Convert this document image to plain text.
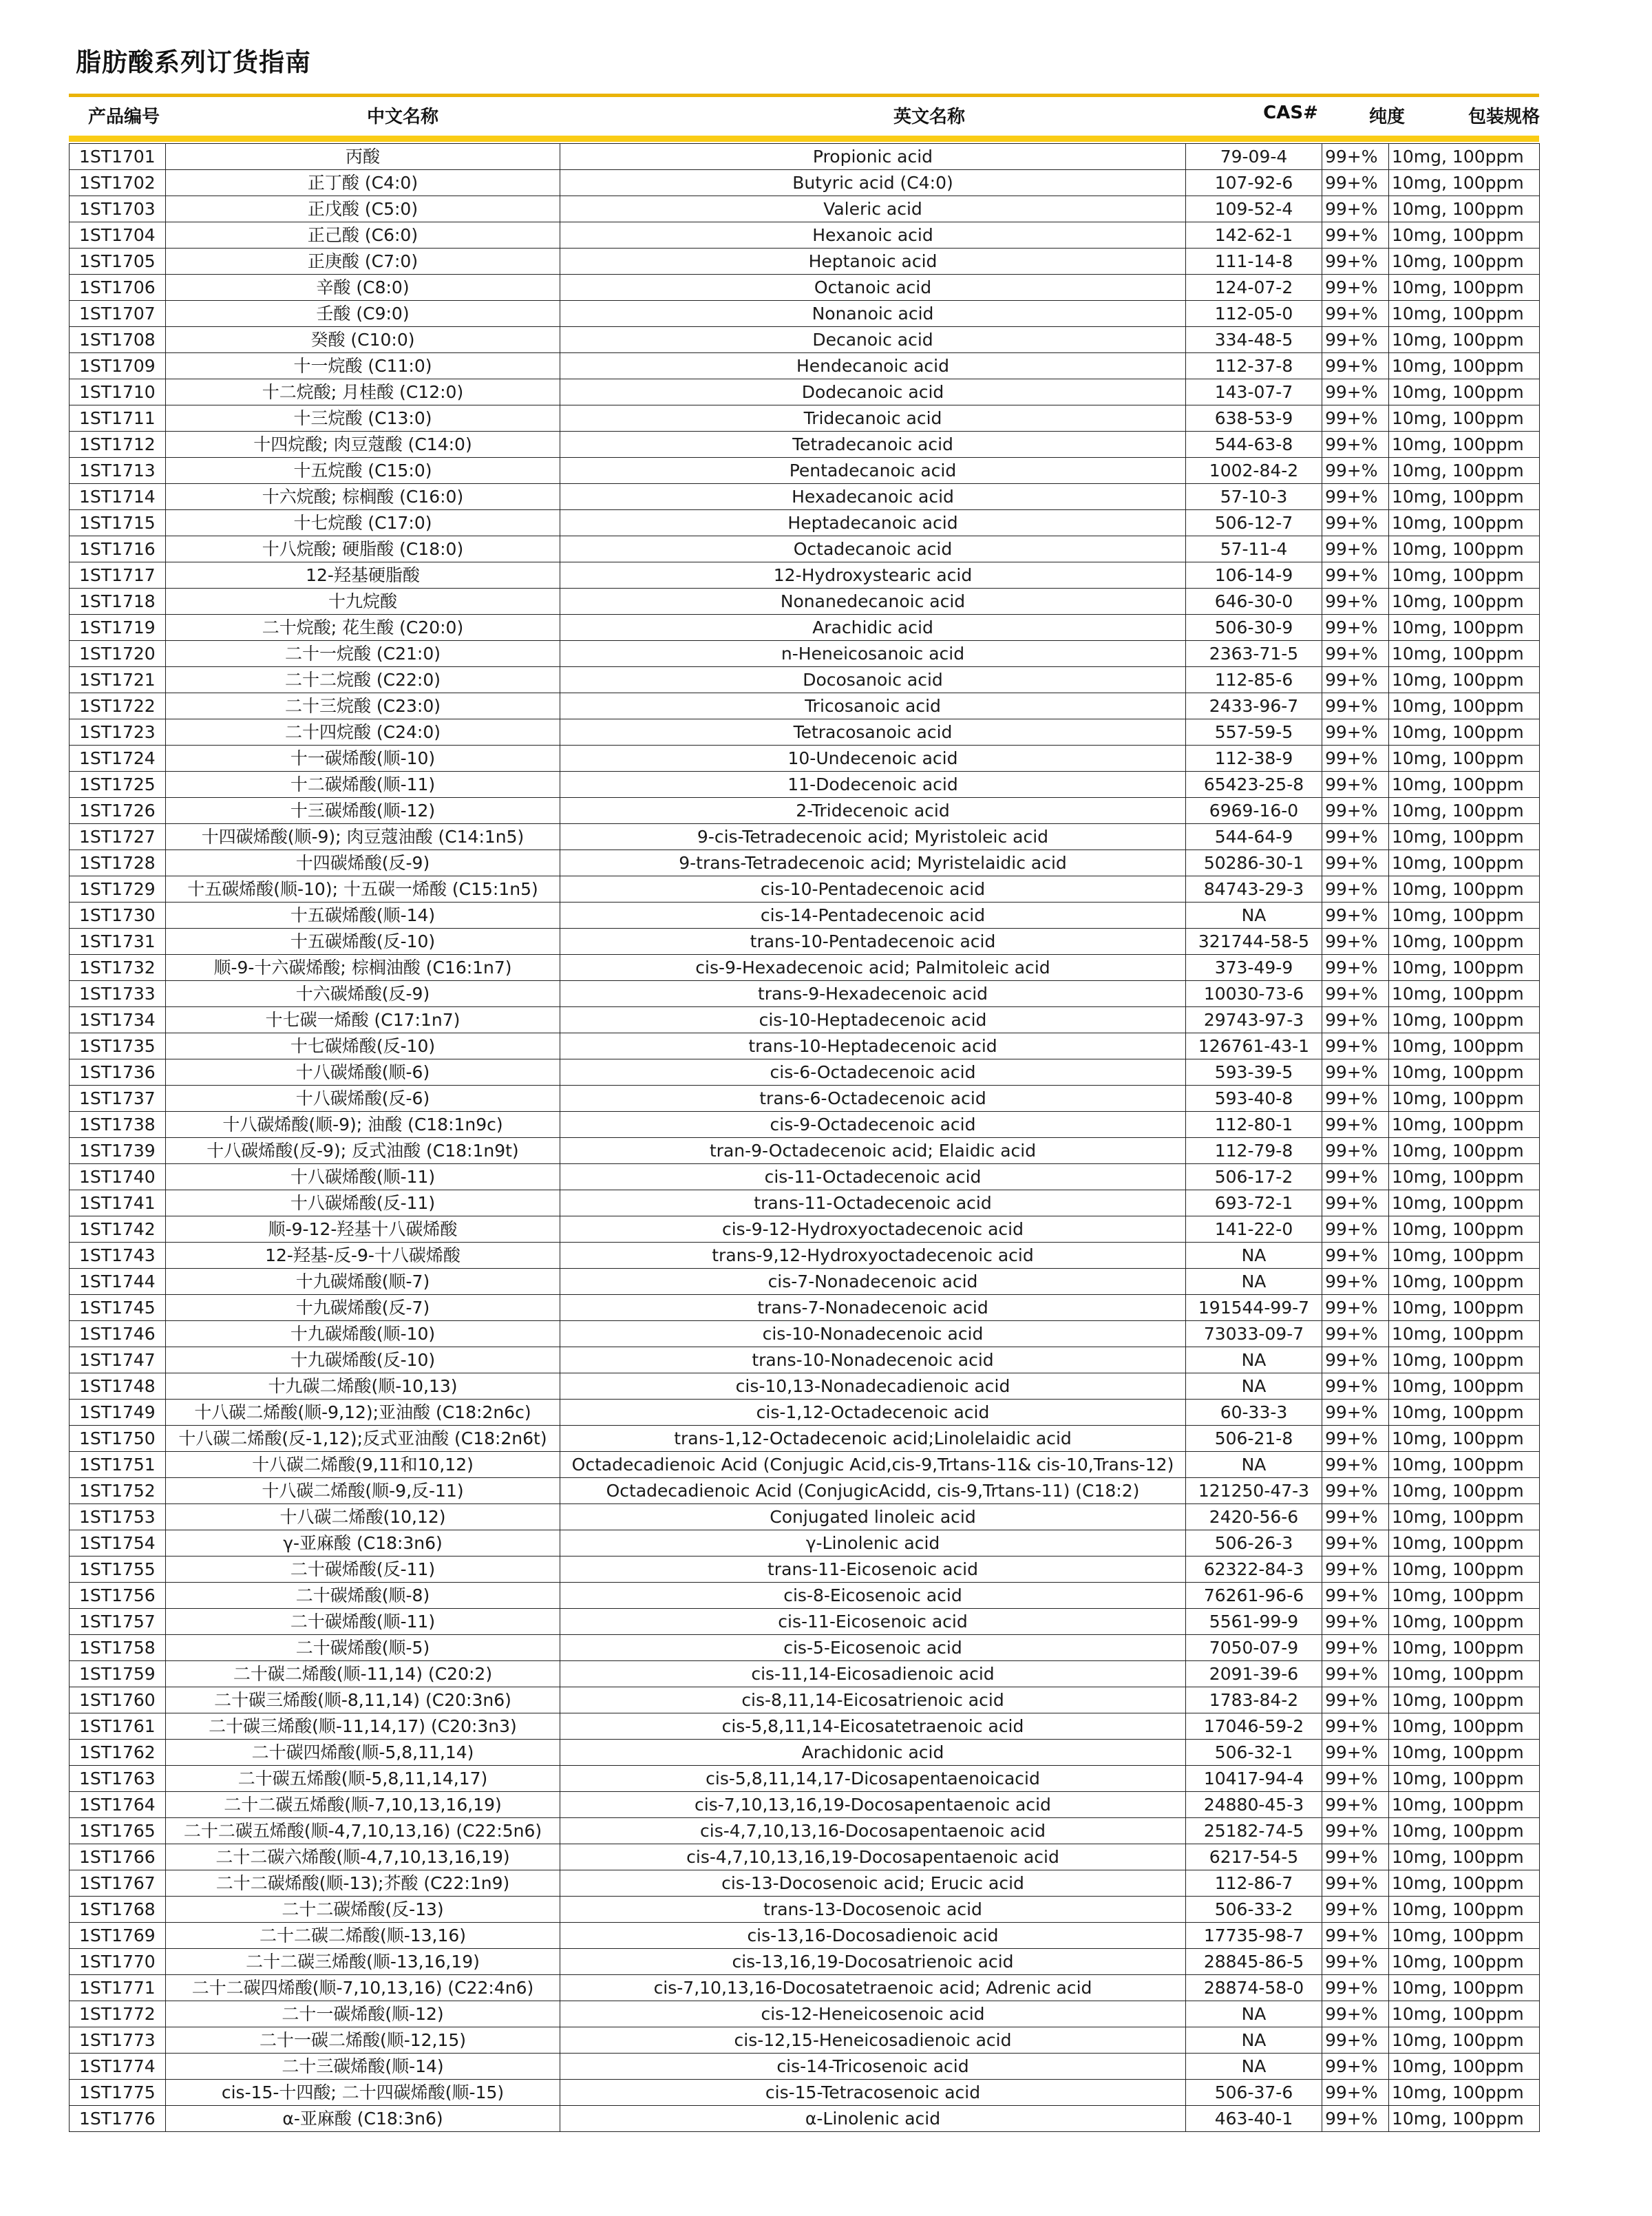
脂肪酸系列订货指南
产品编号	中文名称	英文名称	CAS#	纯度	包装规格
1ST1701	丙酸	Propionic acid	79-09-4	99+%	10mg, 100ppm
1ST1702	正丁酸 (C4:0)	Butyric acid (C4:0)	107-92-6	99+%	10mg, 100ppm
1ST1703	正戊酸 (C5:0)	Valeric acid	109-52-4	99+%	10mg, 100ppm
1ST1704	正己酸 (C6:0)	Hexanoic acid	142-62-1	99+%	10mg, 100ppm
1ST1705	正庚酸 (C7:0)	Heptanoic acid	111-14-8	99+%	10mg, 100ppm
1ST1706	辛酸 (C8:0)	Octanoic acid	124-07-2	99+%	10mg, 100ppm
1ST1707	壬酸 (C9:0)	Nonanoic acid	112-05-0	99+%	10mg, 100ppm
1ST1708	癸酸 (C10:0)	Decanoic acid	334-48-5	99+%	10mg, 100ppm
1ST1709	十一烷酸 (C11:0)	Hendecanoic acid	112-37-8	99+%	10mg, 100ppm
1ST1710	十二烷酸; 月桂酸 (C12:0)	Dodecanoic acid	143-07-7	99+%	10mg, 100ppm
1ST1711	十三烷酸 (C13:0)	Tridecanoic acid	638-53-9	99+%	10mg, 100ppm
1ST1712	十四烷酸; 肉豆蔻酸 (C14:0)	Tetradecanoic acid	544-63-8	99+%	10mg, 100ppm
1ST1713	十五烷酸 (C15:0)	Pentadecanoic acid	1002-84-2	99+%	10mg, 100ppm
1ST1714	十六烷酸; 棕榈酸 (C16:0)	Hexadecanoic acid	57-10-3	99+%	10mg, 100ppm
1ST1715	十七烷酸 (C17:0)	Heptadecanoic acid	506-12-7	99+%	10mg, 100ppm
1ST1716	十八烷酸; 硬脂酸 (C18:0)	Octadecanoic acid	57-11-4	99+%	10mg, 100ppm
1ST1717	12-羟基硬脂酸	12-Hydroxystearic acid	106-14-9	99+%	10mg, 100ppm
1ST1718	十九烷酸	Nonanedecanoic acid	646-30-0	99+%	10mg, 100ppm
1ST1719	二十烷酸; 花生酸 (C20:0)	Arachidic acid	506-30-9	99+%	10mg, 100ppm
1ST1720	二十一烷酸 (C21:0)	n-Heneicosanoic acid	2363-71-5	99+%	10mg, 100ppm
1ST1721	二十二烷酸 (C22:0)	Docosanoic acid	112-85-6	99+%	10mg, 100ppm
1ST1722	二十三烷酸 (C23:0)	Tricosanoic acid	2433-96-7	99+%	10mg, 100ppm
1ST1723	二十四烷酸 (C24:0)	Tetracosanoic acid	557-59-5	99+%	10mg, 100ppm
1ST1724	十一碳烯酸(顺-10)	10-Undecenoic acid	112-38-9	99+%	10mg, 100ppm
1ST1725	十二碳烯酸(顺-11)	11-Dodecenoic acid	65423-25-8	99+%	10mg, 100ppm
1ST1726	十三碳烯酸(顺-12)	2-Tridecenoic acid	6969-16-0	99+%	10mg, 100ppm
1ST1727	十四碳烯酸(顺-9); 肉豆蔻油酸 (C14:1n5)	9-cis-Tetradecenoic acid; Myristoleic acid	544-64-9	99+%	10mg, 100ppm
1ST1728	十四碳烯酸(反-9)	9-trans-Tetradecenoic acid; Myristelaidic acid	50286-30-1	99+%	10mg, 100ppm
1ST1729	十五碳烯酸(顺-10); 十五碳一烯酸 (C15:1n5)	cis-10-Pentadecenoic acid	84743-29-3	99+%	10mg, 100ppm
1ST1730	十五碳烯酸(顺-14)	cis-14-Pentadecenoic acid	NA	99+%	10mg, 100ppm
1ST1731	十五碳烯酸(反-10)	trans-10-Pentadecenoic acid	321744-58-5	99+%	10mg, 100ppm
1ST1732	顺-9-十六碳烯酸; 棕榈油酸 (C16:1n7)	cis-9-Hexadecenoic acid; Palmitoleic acid	373-49-9	99+%	10mg, 100ppm
1ST1733	十六碳烯酸(反-9)	trans-9-Hexadecenoic acid	10030-73-6	99+%	10mg, 100ppm
1ST1734	十七碳一烯酸 (C17:1n7)	cis-10-Heptadecenoic acid	29743-97-3	99+%	10mg, 100ppm
1ST1735	十七碳烯酸(反-10)	trans-10-Heptadecenoic acid	126761-43-1	99+%	10mg, 100ppm
1ST1736	十八碳烯酸(顺-6)	cis-6-Octadecenoic acid	593-39-5	99+%	10mg, 100ppm
1ST1737	十八碳烯酸(反-6)	trans-6-Octadecenoic acid	593-40-8	99+%	10mg, 100ppm
1ST1738	十八碳烯酸(顺-9); 油酸 (C18:1n9c)	cis-9-Octadecenoic acid	112-80-1	99+%	10mg, 100ppm
1ST1739	十八碳烯酸(反-9); 反式油酸 (C18:1n9t)	tran-9-Octadecenoic acid; Elaidic acid	112-79-8	99+%	10mg, 100ppm
1ST1740	十八碳烯酸(顺-11)	cis-11-Octadecenoic acid	506-17-2	99+%	10mg, 100ppm
1ST1741	十八碳烯酸(反-11)	trans-11-Octadecenoic acid	693-72-1	99+%	10mg, 100ppm
1ST1742	顺-9-12-羟基十八碳烯酸	cis-9-12-Hydroxyoctadecenoic acid	141-22-0	99+%	10mg, 100ppm
1ST1743	12-羟基-反-9-十八碳烯酸	trans-9,12-Hydroxyoctadecenoic acid	NA	99+%	10mg, 100ppm
1ST1744	十九碳烯酸(顺-7)	cis-7-Nonadecenoic acid	NA	99+%	10mg, 100ppm
1ST1745	十九碳烯酸(反-7)	trans-7-Nonadecenoic acid	191544-99-7	99+%	10mg, 100ppm
1ST1746	十九碳烯酸(顺-10)	cis-10-Nonadecenoic acid	73033-09-7	99+%	10mg, 100ppm
1ST1747	十九碳烯酸(反-10)	trans-10-Nonadecenoic acid	NA	99+%	10mg, 100ppm
1ST1748	十九碳二烯酸(顺-10,13)	cis-10,13-Nonadecadienoic acid	NA	99+%	10mg, 100ppm
1ST1749	十八碳二烯酸(顺-9,12);亚油酸 (C18:2n6c)	cis-1,12-Octadecenoic acid	60-33-3	99+%	10mg, 100ppm
1ST1750	十八碳二烯酸(反-1,12);反式亚油酸 (C18:2n6t)	trans-1,12-Octadecenoic acid;Linolelaidic acid	506-21-8	99+%	10mg, 100ppm
1ST1751	十八碳二烯酸(9,11和10,12)	Octadecadienoic Acid (Conjugic Acid,cis-9,Trtans-11& cis-10,Trans-12)	NA	99+%	10mg, 100ppm
1ST1752	十八碳二烯酸(顺-9,反-11)	Octadecadienoic Acid (ConjugicAcidd, cis-9,Trtans-11) (C18:2)	121250-47-3	99+%	10mg, 100ppm
1ST1753	十八碳二烯酸(10,12)	Conjugated linoleic acid	2420-56-6	99+%	10mg, 100ppm
1ST1754	γ-亚麻酸 (C18:3n6)	γ-Linolenic acid	506-26-3	99+%	10mg, 100ppm
1ST1755	二十碳烯酸(反-11)	trans-11-Eicosenoic acid	62322-84-3	99+%	10mg, 100ppm
1ST1756	二十碳烯酸(顺-8)	cis-8-Eicosenoic acid	76261-96-6	99+%	10mg, 100ppm
1ST1757	二十碳烯酸(顺-11)	cis-11-Eicosenoic acid	5561-99-9	99+%	10mg, 100ppm
1ST1758	二十碳烯酸(顺-5)	cis-5-Eicosenoic acid	7050-07-9	99+%	10mg, 100ppm
1ST1759	二十碳二烯酸(顺-11,14) (C20:2)	cis-11,14-Eicosadienoic acid	2091-39-6	99+%	10mg, 100ppm
1ST1760	二十碳三烯酸(顺-8,11,14) (C20:3n6)	cis-8,11,14-Eicosatrienoic acid	1783-84-2	99+%	10mg, 100ppm
1ST1761	二十碳三烯酸(顺-11,14,17) (C20:3n3)	cis-5,8,11,14-Eicosatetraenoic acid	17046-59-2	99+%	10mg, 100ppm
1ST1762	二十碳四烯酸(顺-5,8,11,14)	Arachidonic acid	506-32-1	99+%	10mg, 100ppm
1ST1763	二十碳五烯酸(顺-5,8,11,14,17)	cis-5,8,11,14,17-Dicosapentaenoicacid	10417-94-4	99+%	10mg, 100ppm
1ST1764	二十二碳五烯酸(顺-7,10,13,16,19)	cis-7,10,13,16,19-Docosapentaenoic acid	24880-45-3	99+%	10mg, 100ppm
1ST1765	二十二碳五烯酸(顺-4,7,10,13,16) (C22:5n6)	cis-4,7,10,13,16-Docosapentaenoic acid	25182-74-5	99+%	10mg, 100ppm
1ST1766	二十二碳六烯酸(顺-4,7,10,13,16,19)	cis-4,7,10,13,16,19-Docosapentaenoic acid	6217-54-5	99+%	10mg, 100ppm
1ST1767	二十二碳烯酸(顺-13);芥酸 (C22:1n9)	cis-13-Docosenoic acid; Erucic acid	112-86-7	99+%	10mg, 100ppm
1ST1768	二十二碳烯酸(反-13)	trans-13-Docosenoic acid	506-33-2	99+%	10mg, 100ppm
1ST1769	二十二碳二烯酸(顺-13,16)	cis-13,16-Docosadienoic acid	17735-98-7	99+%	10mg, 100ppm
1ST1770	二十二碳三烯酸(顺-13,16,19)	cis-13,16,19-Docosatrienoic acid	28845-86-5	99+%	10mg, 100ppm
1ST1771	二十二碳四烯酸(顺-7,10,13,16) (C22:4n6)	cis-7,10,13,16-Docosatetraenoic acid; Adrenic acid	28874-58-0	99+%	10mg, 100ppm
1ST1772	二十一碳烯酸(顺-12)	cis-12-Heneicosenoic acid	NA	99+%	10mg, 100ppm
1ST1773	二十一碳二烯酸(顺-12,15)	cis-12,15-Heneicosadienoic acid	NA	99+%	10mg, 100ppm
1ST1774	二十三碳烯酸(顺-14)	cis-14-Tricosenoic acid	NA	99+%	10mg, 100ppm
1ST1775	cis-15-十四酸; 二十四碳烯酸(顺-15)	cis-15-Tetracosenoic acid	506-37-6	99+%	10mg, 100ppm
1ST1776	α-亚麻酸 (C18:3n6)	α-Linolenic acid	463-40-1	99+%	10mg, 100ppm
